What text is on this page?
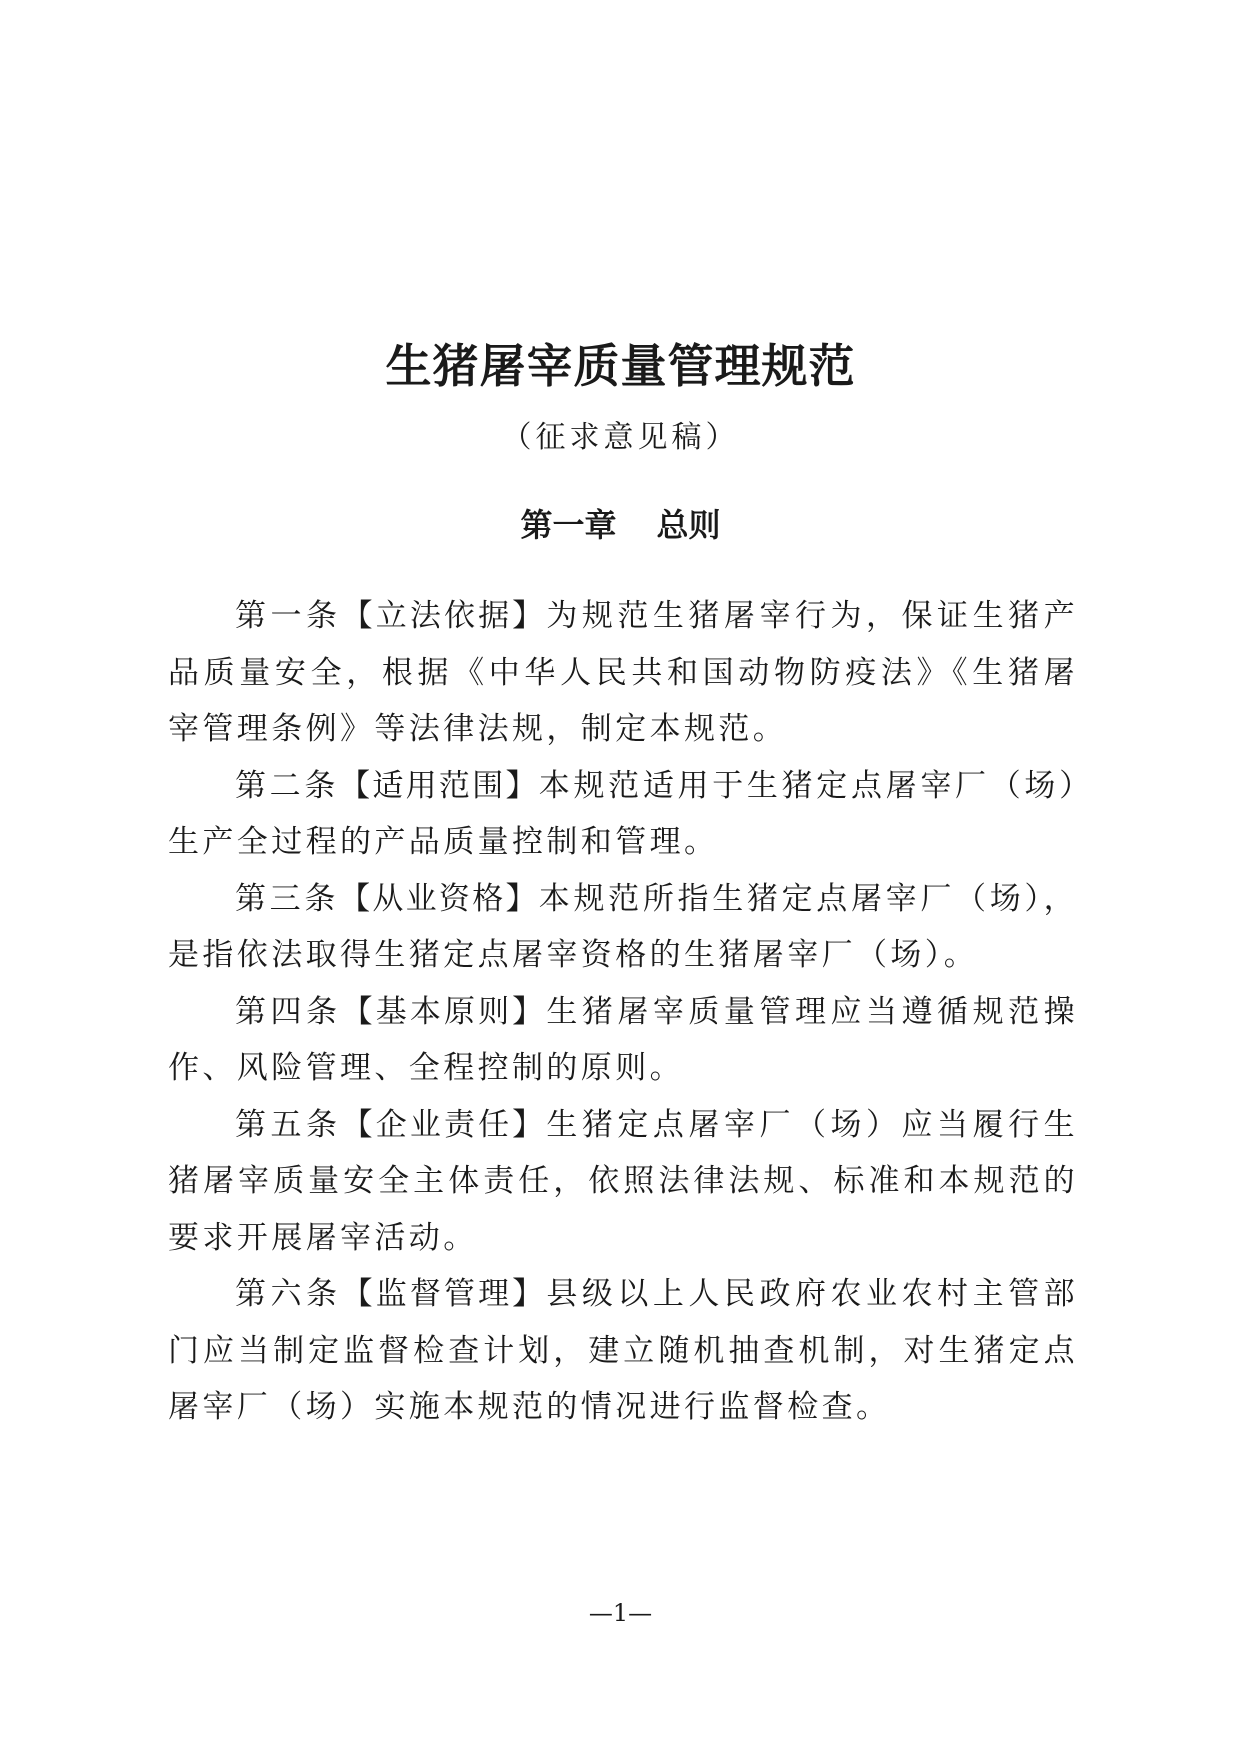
生猪屠宰质量管理规范
（征求意见稿）
第一章 总则

第一条【立法依据】为规范生猪屠宰行为，保证生猪产品质量安全，根据《中华人民共和国动物防疫法》《生猪屠宰管理条例》等法律法规，制定本规范。

第二条【适用范围】本规范适用于生猪定点屠宰厂（场）生产全过程的产品质量控制和管理。

第三条【从业资格】本规范所指生猪定点屠宰厂（场），是指依法取得生猪定点屠宰资格的生猪屠宰厂（场）。

第四条【基本原则】生猪屠宰质量管理应当遵循规范操作、风险管理、全程控制的原则。

第五条【企业责任】生猪定点屠宰厂（场）应当履行生猪屠宰质量安全主体责任，依照法律法规、标准和本规范的要求开展屠宰活动。

第六条【监督管理】县级以上人民政府农业农村主管部门应当制定监督检查计划，建立随机抽查机制，对生猪定点屠宰厂（场）实施本规范的情况进行监督检查。

—1—
